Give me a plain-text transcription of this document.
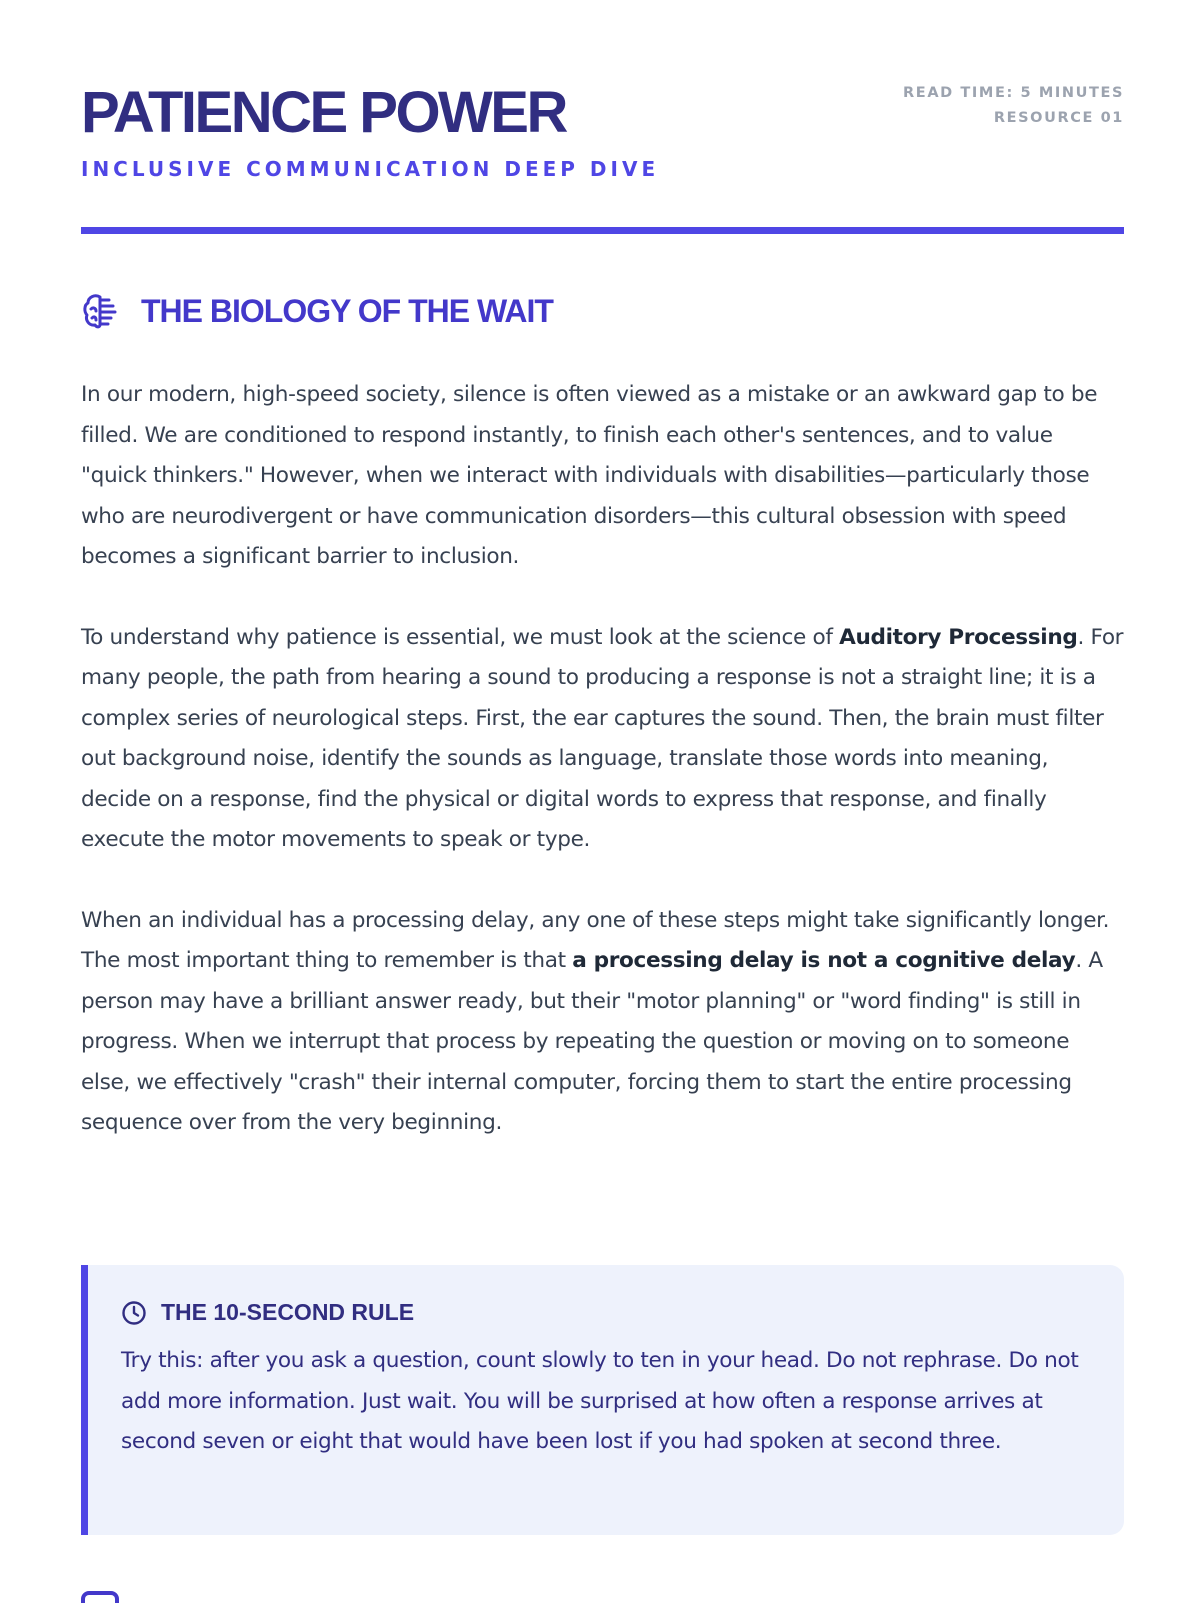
PATIENCE POWER
INCLUSIVE COMMUNICATION DEEP DIVE
READ TIME: 5 MINUTES
RESOURCE 01
THE BIOLOGY OF THE WAIT

In our modern, high-speed society, silence is often viewed as a mistake or an awkward gap to be filled. We are conditioned to respond instantly, to finish each other's sentences, and to value "quick thinkers." However, when we interact with individuals with disabilities—particularly those who are neurodivergent or have communication disorders—this cultural obsession with speed becomes a significant barrier to inclusion.

To understand why patience is essential, we must look at the science of Auditory Processing. For many people, the path from hearing a sound to producing a response is not a straight line; it is a complex series of neurological steps. First, the ear captures the sound. Then, the brain must filter out background noise, identify the sounds as language, translate those words into meaning, decide on a response, find the physical or digital words to express that response, and finally execute the motor movements to speak or type.

When an individual has a processing delay, any one of these steps might take significantly longer. The most important thing to remember is that a processing delay is not a cognitive delay. A person may have a brilliant answer ready, but their "motor planning" or "word finding" is still in progress. When we interrupt that process by repeating the question or moving on to someone else, we effectively "crash" their internal computer, forcing them to start the entire processing sequence over from the very beginning.

THE 10-SECOND RULE

Try this: after you ask a question, count slowly to ten in your head. Do not rephrase. Do not add more information. Just wait. You will be surprised at how often a response arrives at second seven or eight that would have been lost if you had spoken at second three.
